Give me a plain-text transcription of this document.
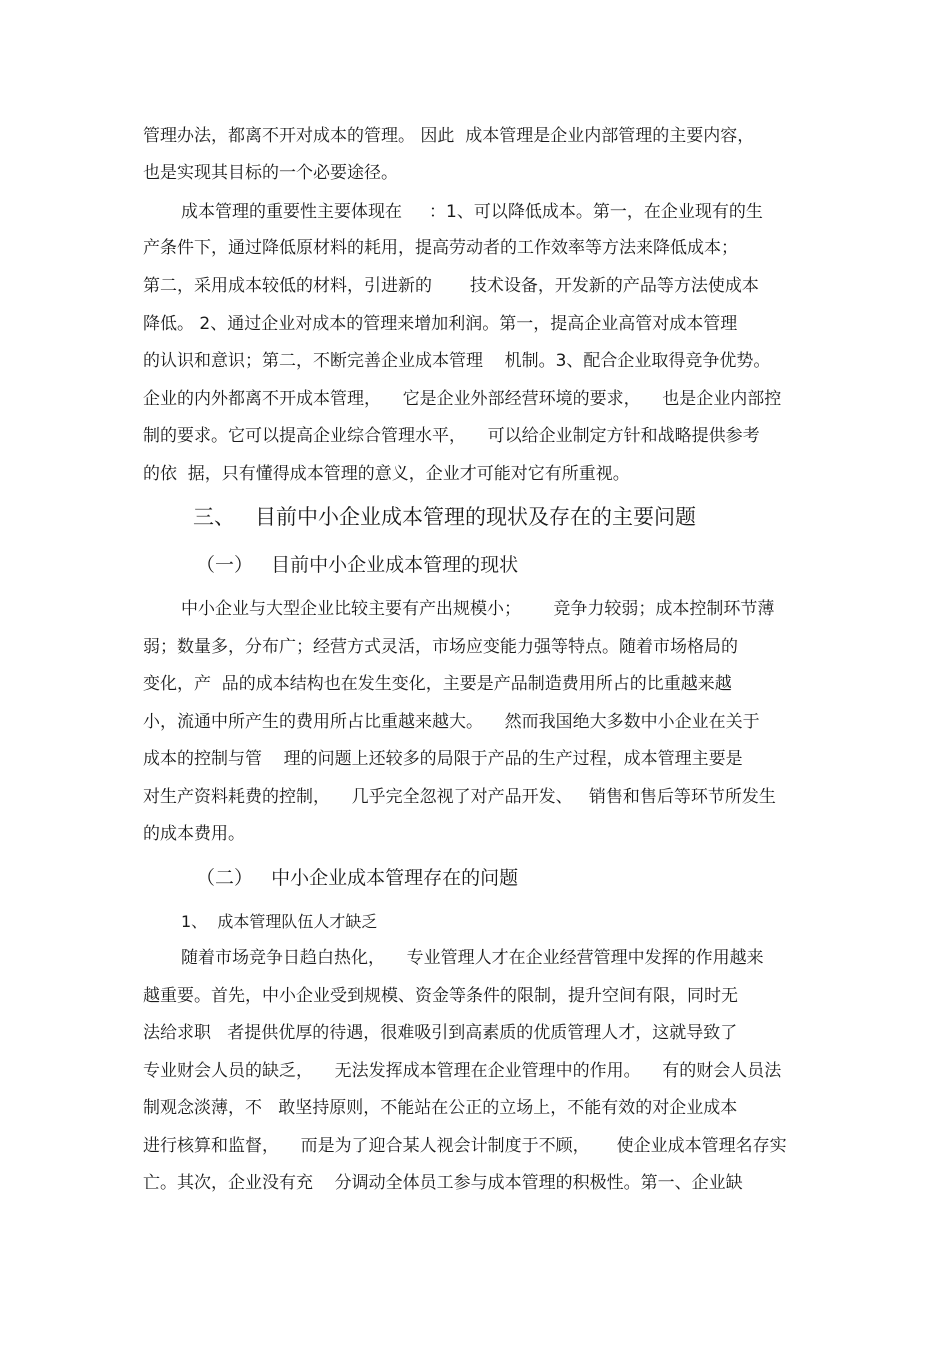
管理办法，都离不开对成本的管理。 因此  成本管理是企业内部管理的主要内容，
也是实现其目标的一个必要途径。
成本管理的重要性主要体现在     ：1、可以降低成本。第一，在企业现有的生
产条件下，通过降低原材料的耗用，提高劳动者的工作效率等方法来降低成本；
第二，采用成本较低的材料，引进新的       技术设备，开发新的产品等方法使成本
降低。 2、通过企业对成本的管理来增加利润。第一，提高企业高管对成本管理
的认识和意识；第二，不断完善企业成本管理    机制。3、配合企业取得竞争优势。
企业的内外都离不开成本管理，    它是企业外部经营环境的要求，    也是企业内部控
制的要求。它可以提高企业综合管理水平，    可以给企业制定方针和战略提供参考
的依  据，只有懂得成本管理的意义，企业才可能对它有所重视。
三、   目前中小企业成本管理的现状及存在的主要问题
（一）   目前中小企业成本管理的现状
中小企业与大型企业比较主要有产出规模小；      竞争力较弱；成本控制环节薄
弱；数量多，分布广；经营方式灵活，市场应变能力强等特点。随着市场格局的
变化，产  品的成本结构也在发生变化，主要是产品制造费用所占的比重越来越
小，流通中所产生的费用所占比重越来越大。    然而我国绝大多数中小企业在关于
成本的控制与管    理的问题上还较多的局限于产品的生产过程，成本管理主要是
对生产资料耗费的控制，    几乎完全忽视了对产品开发、   销售和售后等环节所发生
的成本费用。
（二）   中小企业成本管理存在的问题
1、  成本管理队伍人才缺乏
随着市场竞争日趋白热化，    专业管理人才在企业经营管理中发挥的作用越来
越重要。首先，中小企业受到规模、资金等条件的限制，提升空间有限，同时无
法给求职   者提供优厚的待遇，很难吸引到高素质的优质管理人才，这就导致了
专业财会人员的缺乏，    无法发挥成本管理在企业管理中的作用。    有的财会人员法
制观念淡薄，不   敢坚持原则，不能站在公正的立场上，不能有效的对企业成本
进行核算和监督，    而是为了迎合某人视会计制度于不顾，     使企业成本管理名存实
亡。其次，企业没有充    分调动全体员工参与成本管理的积极性。第一、企业缺
